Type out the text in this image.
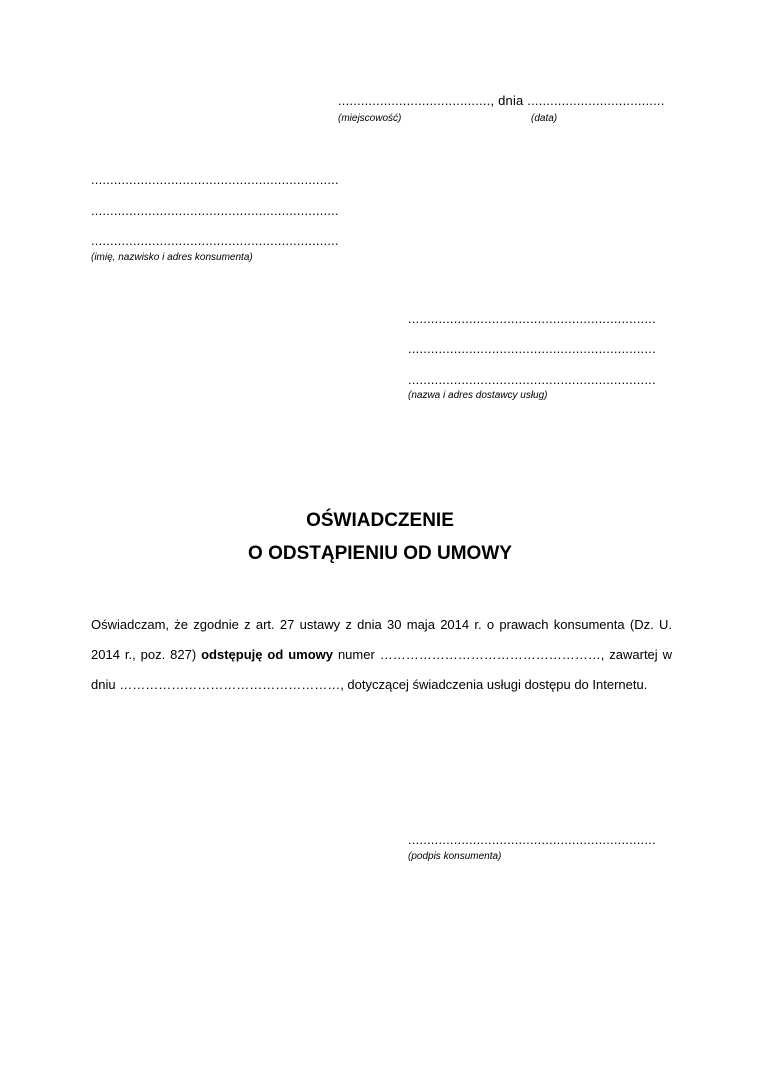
........................................, dnia ....................................
(miejscowość)	(data)
.................................................................
.................................................................
.................................................................
(imię, nazwisko i adres konsumenta)
.................................................................
.................................................................
.................................................................
(nazwa i adres dostawcy usług)
OŚWIADCZENIE
O ODSTĄPIENIU OD UMOWY
Oświadczam, że zgodnie z art. 27 ustawy z dnia 30 maja 2014 r. o prawach konsumenta (Dz. U. 2014 r., poz. 827) odstępuję od umowy numer ……………………………………………, zawartej w dniu ……………………………………………, dotyczącej świadczenia usługi dostępu do Internetu.
.................................................................
(podpis konsumenta)
